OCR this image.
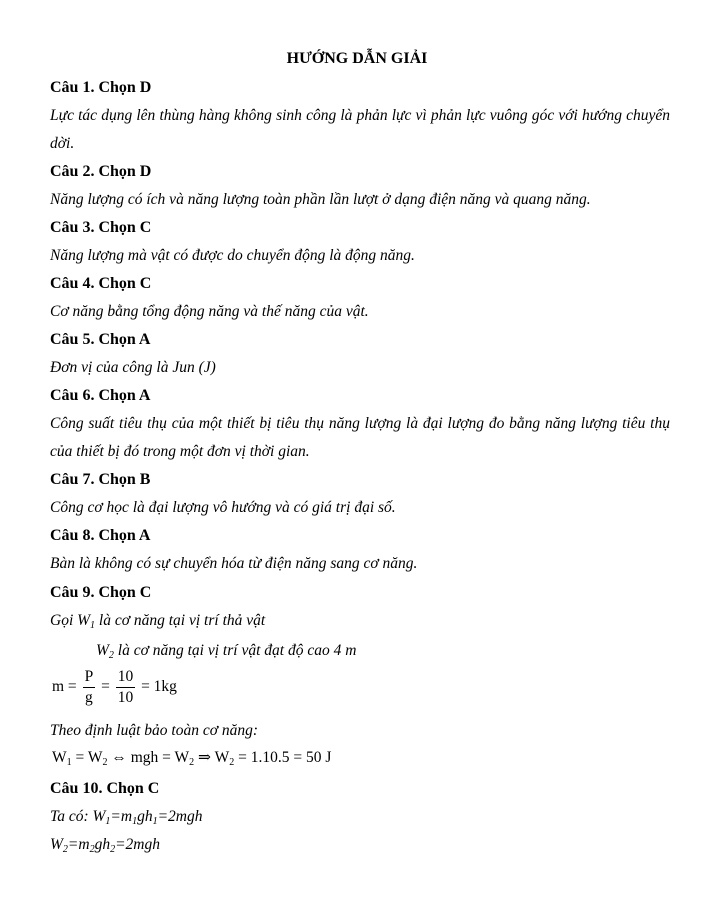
HƯỚNG DẪN GIẢI
Câu 1. Chọn D
Lực tác dụng lên thùng hàng không sinh công là phản lực vì phản lực vuông góc với hướng chuyển dời.
Câu 2. Chọn D
Năng lượng có ích và năng lượng toàn phần lần lượt ở dạng điện năng và quang năng.
Câu 3. Chọn C
Năng lượng mà vật có được do chuyển động là động năng.
Câu 4. Chọn C
Cơ năng bằng tổng động năng và thế năng của vật.
Câu 5. Chọn A
Đơn vị của công là Jun (J)
Câu 6. Chọn A
Công suất tiêu thụ của một thiết bị tiêu thụ năng lượng là đại lượng đo bằng năng lượng tiêu thụ của thiết bị đó trong một đơn vị thời gian.
Câu 7. Chọn B
Công cơ học là đại lượng vô hướng và có giá trị đại số.
Câu 8. Chọn A
Bàn là không có sự chuyển hóa từ điện năng sang cơ năng.
Câu 9. Chọn C
Gọi $W_1$ là cơ năng tại vị trí thả vật
$W_2$ là cơ năng tại vị trí vật đạt độ cao 4 m
$m = \frac{P}{g} = \frac{10}{10} = 1kg$
Theo định luật bảo toàn cơ năng:
$W_1 = W_2$ ⇔ mgh = $W_2$ ⇒ $W_2 = 1.10.5 = 50$ J
Câu 10. Chọn C
Ta có: $W_1=m_1gh_1=2mgh$
$W_2=m_2gh_2=2mgh$
